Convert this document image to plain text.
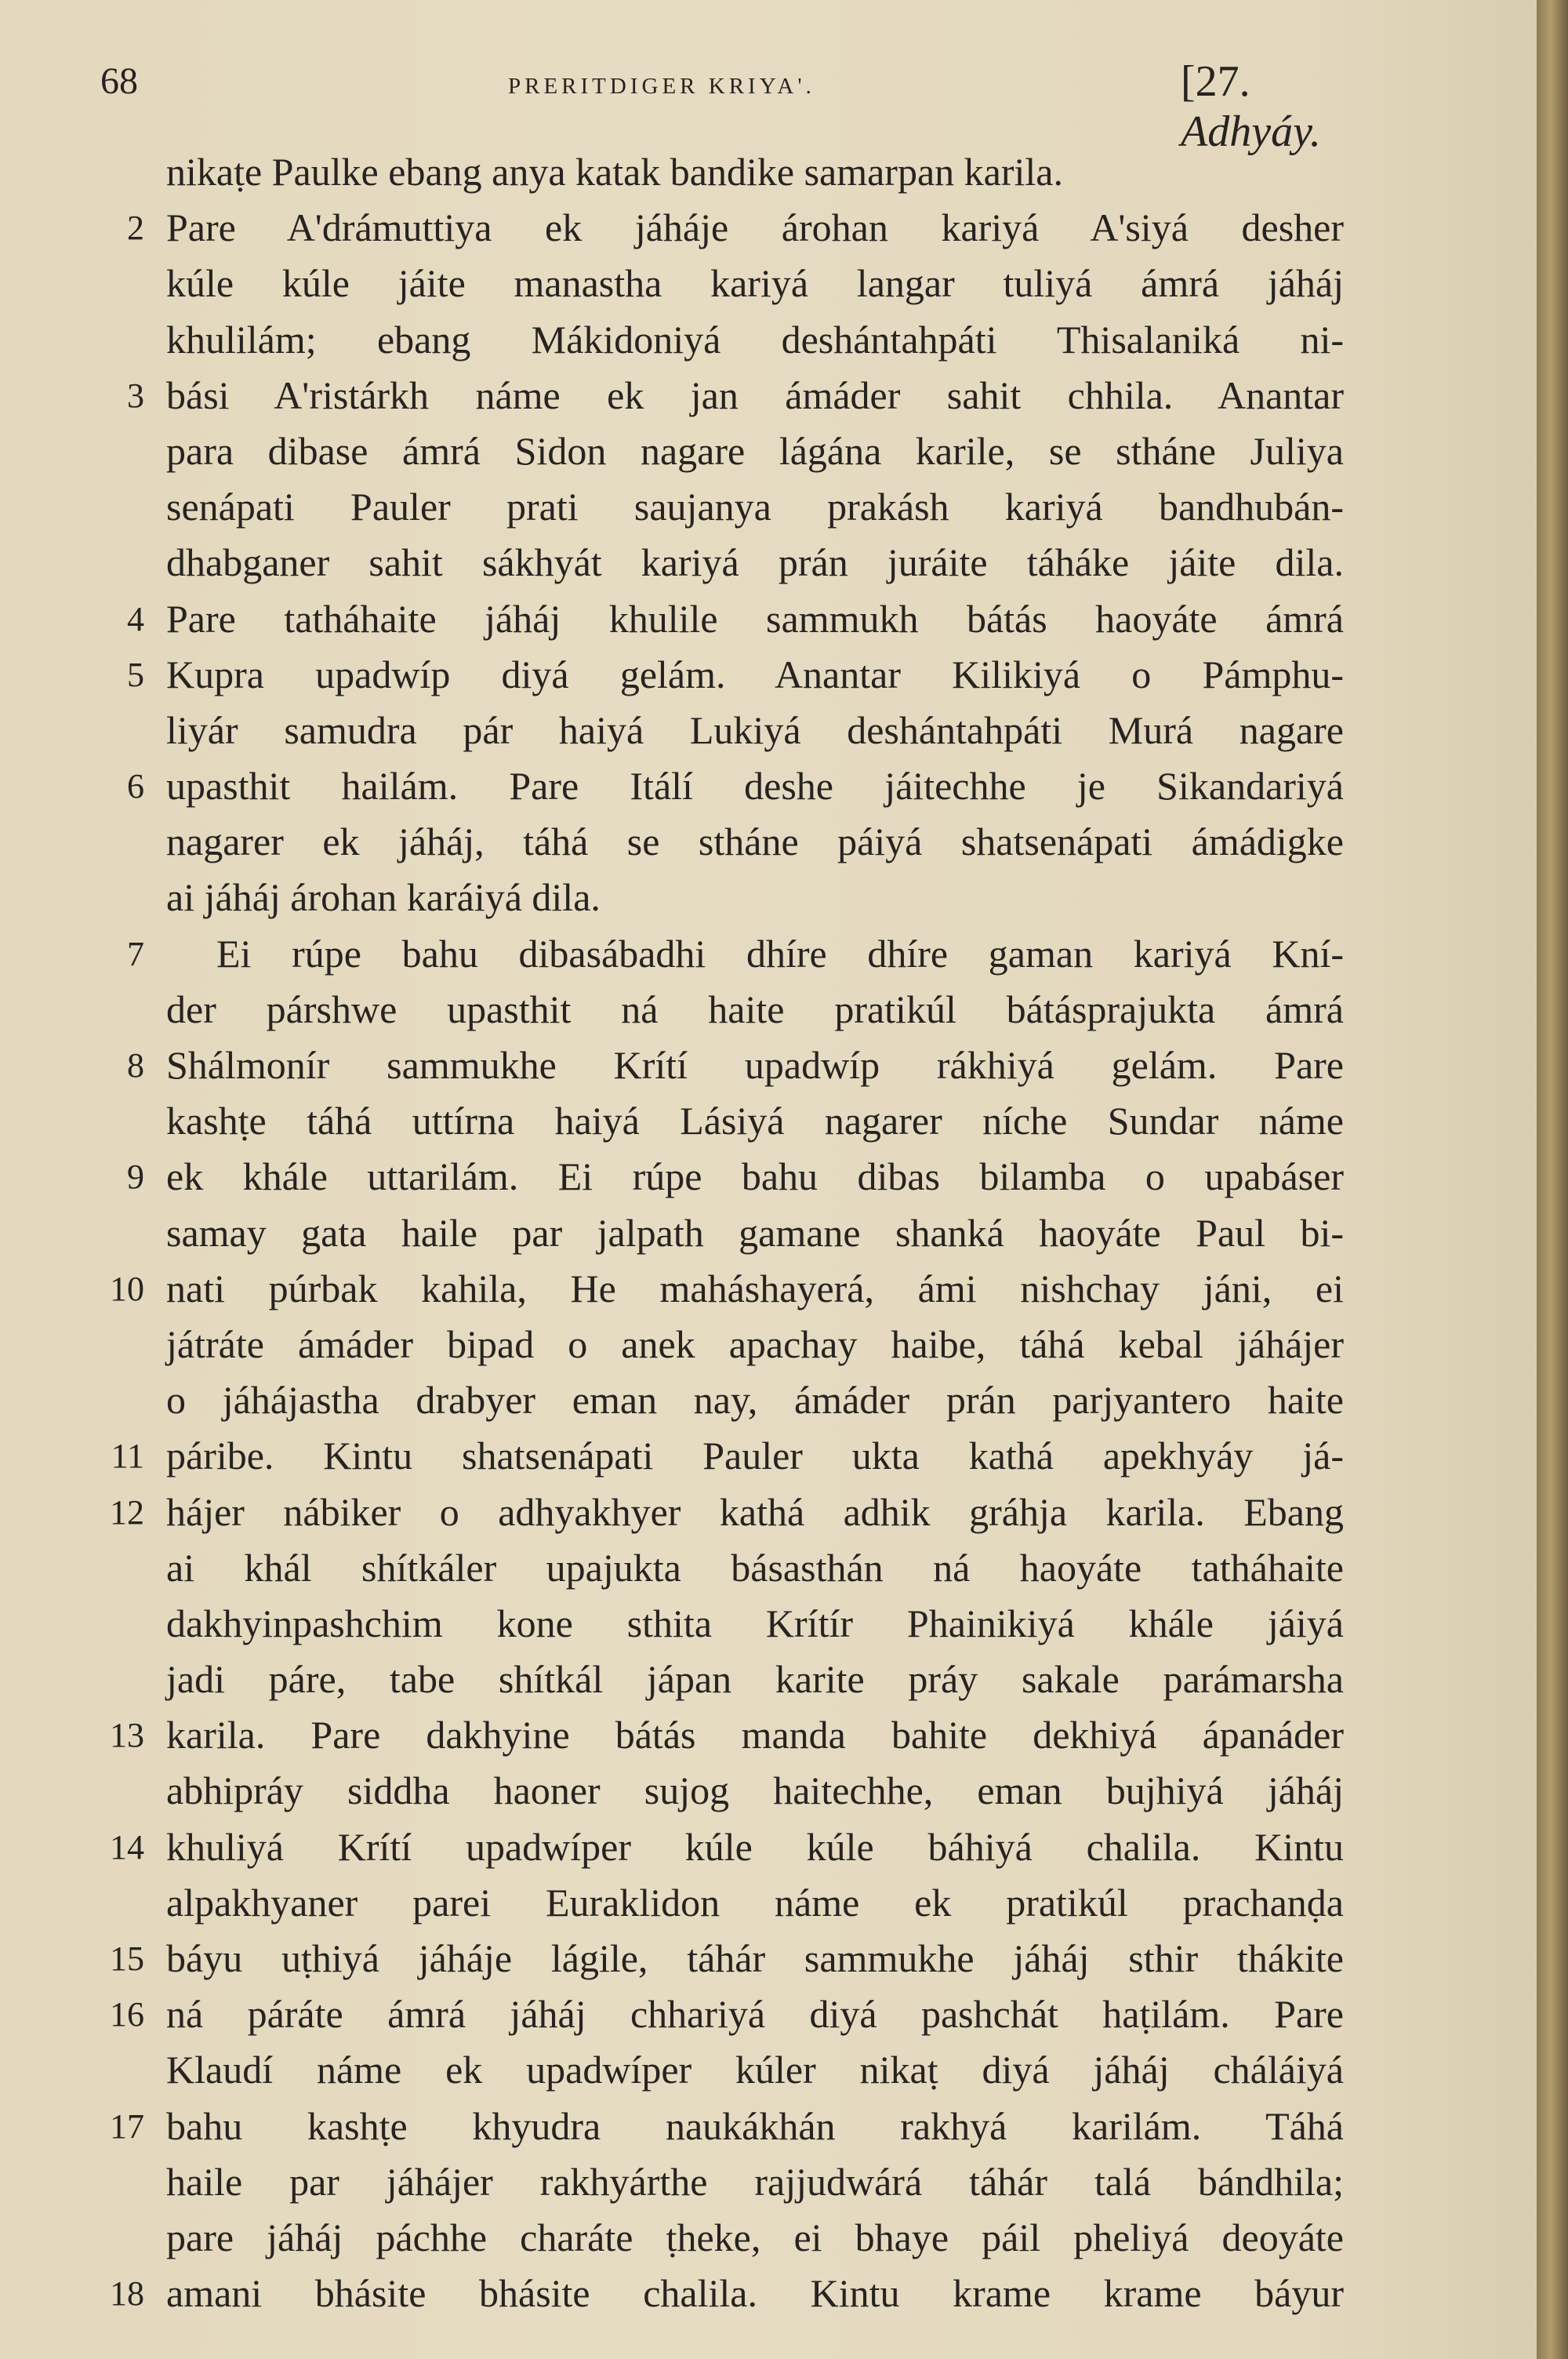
68	PRERITDIGER KRIYA'.	[27. Adhyáy.
nikaṭe Paulke ebang anya katak bandike samarpan karila.
2 Pare A'drámuttiya ek jáháje árohan kariyá A'siyá desher
kúle kúle jáite manastha kariyá langar tuliyá ámrá jáháj
khulilám; ebang Mákidoniyá deshántahpáti Thisalaniká ni-
3 bási A'ristárkh náme ek jan ámáder sahit chhila. Anantar
para dibase ámrá Sidon nagare lágána karile, se stháne Juliya
senápati Pauler prati saujanya prakásh kariyá bandhubán-
dhabganer sahit sákhyát kariyá prán juráite táháke jáite dila.
4 Pare tatháhaite jáháj khulile sammukh bátás haoyáte ámrá
5 Kupra upadwíp diyá gelám. Anantar Kilikiyá o Pámphu-
liyár samudra pár haiyá Lukiyá deshántahpáti Murá nagare
6 upasthit hailám. Pare Itálí deshe jáitechhe je Sikandariyá
nagarer ek jáháj, táhá se stháne páiyá shatsenápati ámádigke
ai jáháj árohan karáiyá dila.
7 Ei rúpe bahu dibasábadhi dhíre dhíre gaman kariyá Kní-
der párshwe upasthit ná haite pratikúl bátásprajukta ámrá
8 Shálmonír sammukhe Krítí upadwíp rákhiyá gelám. Pare
kashṭe táhá uttírna haiyá Lásiyá nagarer níche Sundar náme
9 ek khále uttarilám. Ei rúpe bahu dibas bilamba o upabáser
samay gata haile par jalpath gamane shanká haoyáte Paul bi-
10 nati púrbak kahila, He maháshayerá, ámi nishchay jáni, ei
játráte ámáder bipad o anek apachay haibe, táhá kebal jáhájer
o jáhájastha drabyer eman nay, ámáder prán parjyantero haite
11 páribe. Kintu shatsenápati Pauler ukta kathá apekhyáy já-
12 hájer nábiker o adhyakhyer kathá adhik gráhja karila. Ebang
ai khál shítkáler upajukta básasthán ná haoyáte tatháhaite
dakhyinpashchim kone sthita Krítír Phainikiyá khále jáiyá
jadi páre, tabe shítkál jápan karite práy sakale parámarsha
13 karila. Pare dakhyine bátás manda bahite dekhiyá ápanáder
abhipráy siddha haoner sujog haitechhe, eman bujhiyá jáháj
14 khuliyá Krítí upadwíper kúle kúle báhiyá chalila. Kintu
alpakhyaner parei Euraklidon náme ek pratikúl prachanḍa
15 báyu uṭhiyá jáháje lágile, táhár sammukhe jáháj sthir thákite
16 ná páráte ámrá jáháj chhariyá diyá pashchát haṭilám. Pare
Klaudí náme ek upadwíper kúler nikaṭ diyá jáháj cháláiyá
17 bahu kashṭe khyudra naukákhán rakhyá karilám. Táhá
haile par jáhájer rakhyárthe rajjudwárá táhár talá bándhila;
pare jáháj páchhe charáte ṭheke, ei bhaye páil pheliyá deoyáte
18 amani bhásite bhásite chalila. Kintu krame krame báyur
